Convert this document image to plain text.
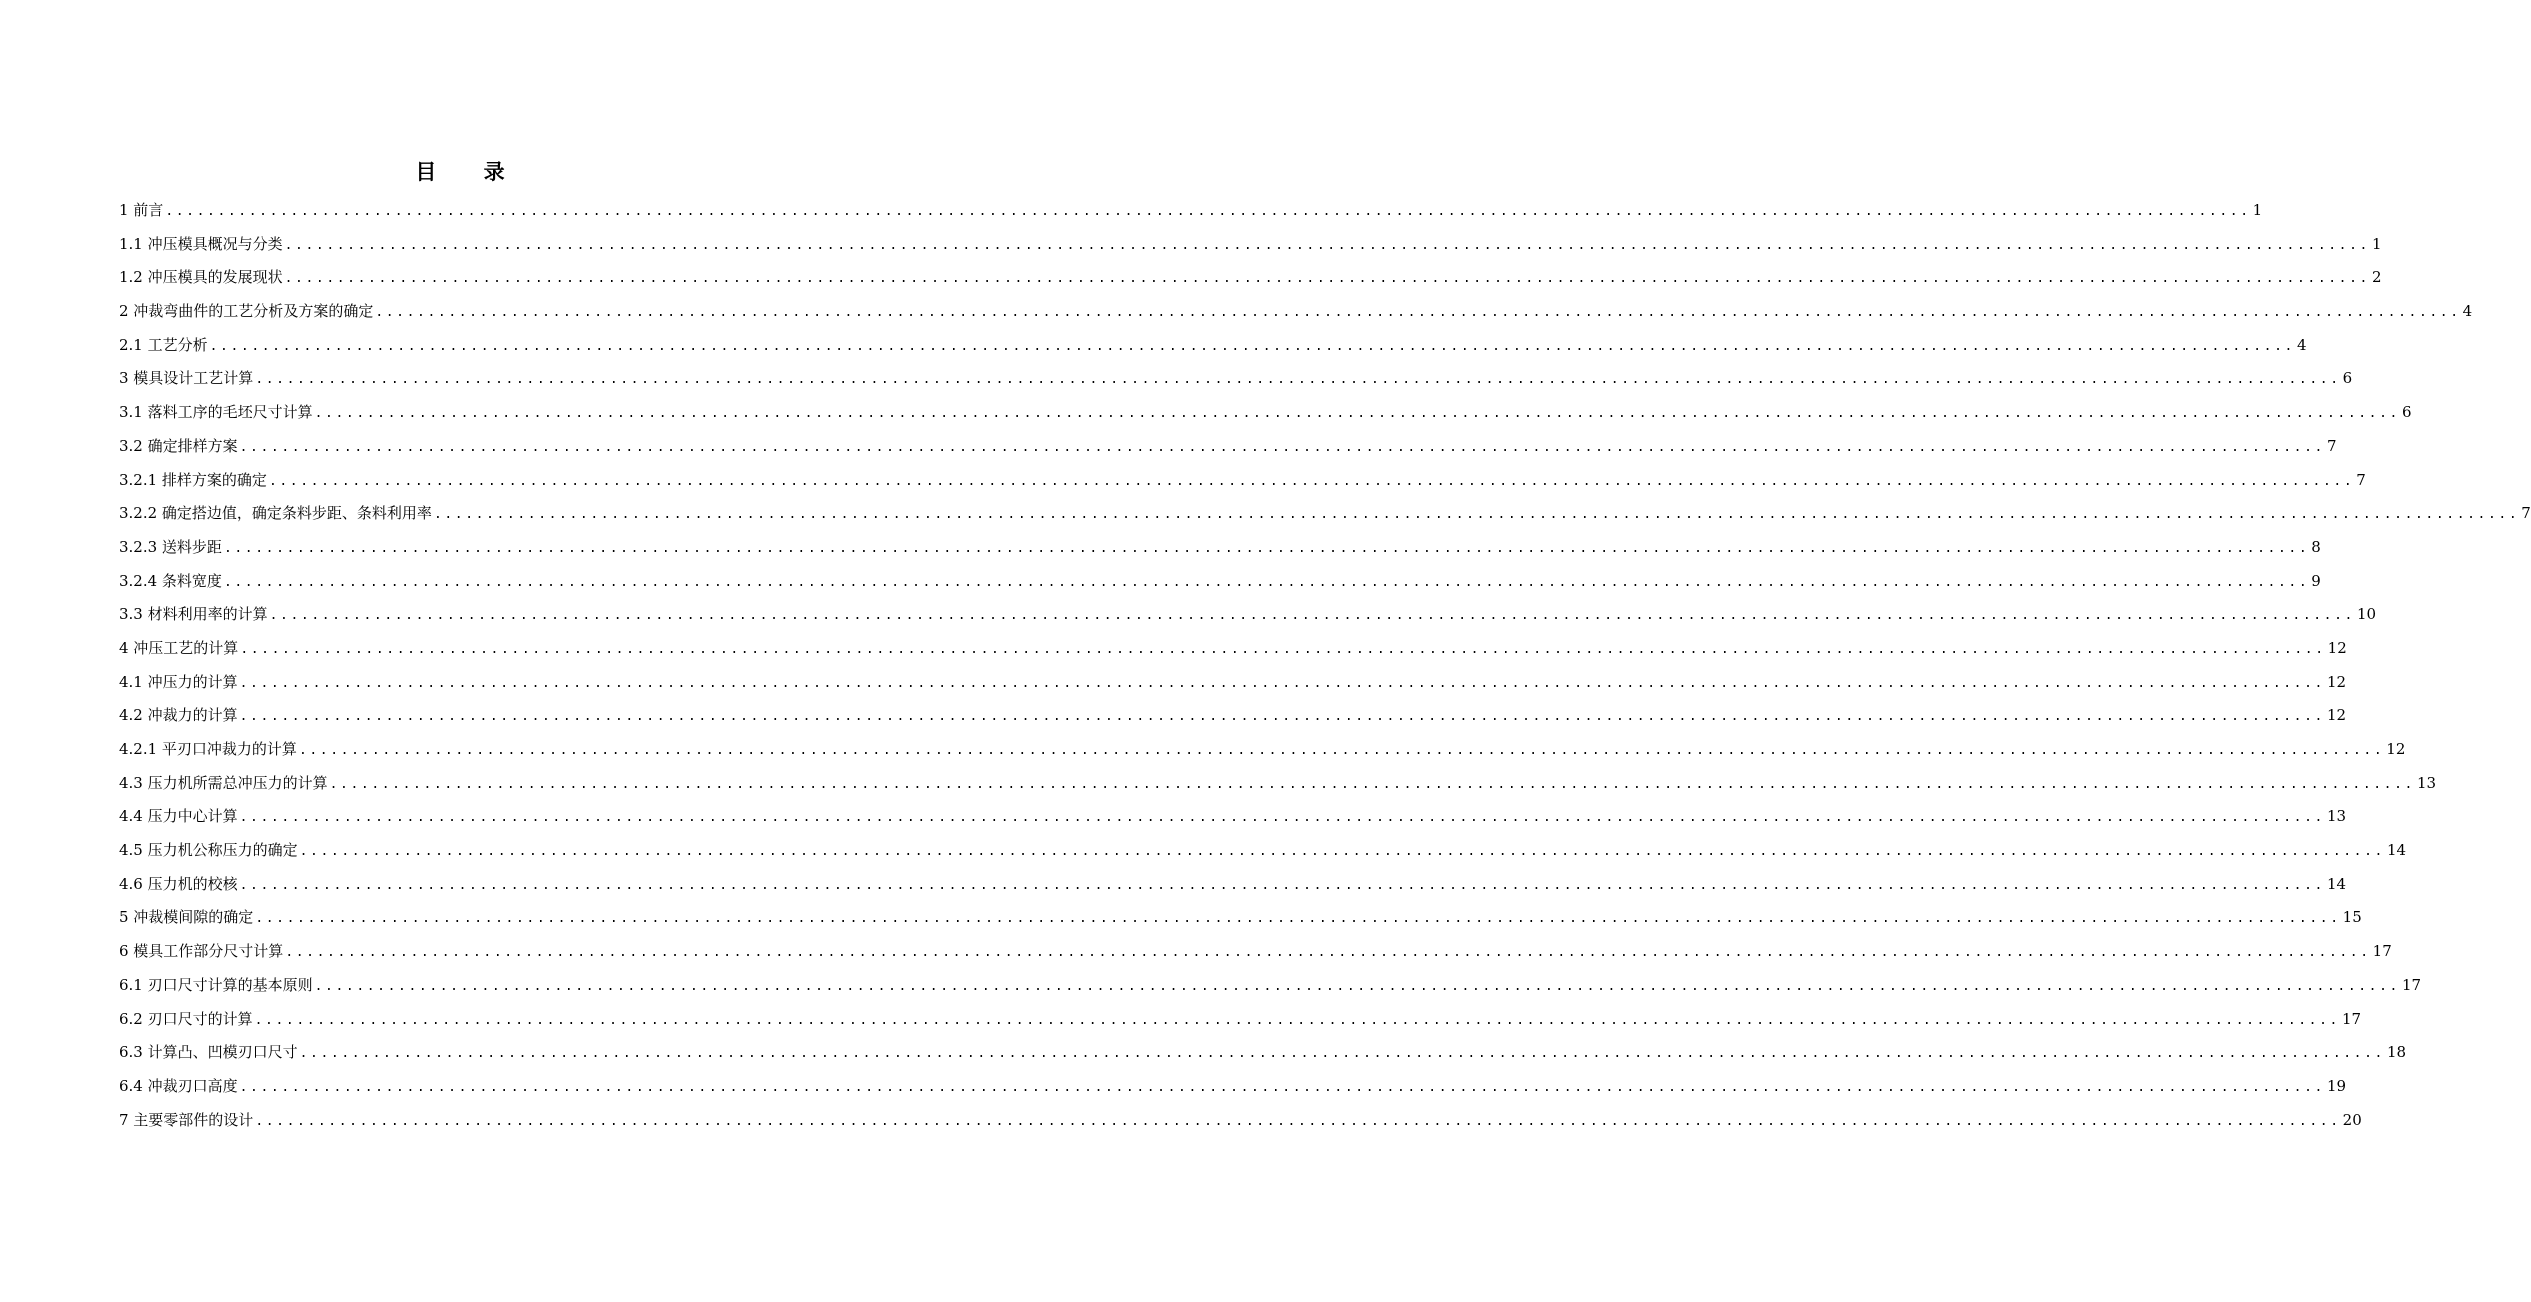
目 录
1 前言 ........................................................................................................................................................................................................ 1
1.1 冲压模具概况与分类 ........................................................................................................................................................................................................ 1
1.2 冲压模具的发展现状 ........................................................................................................................................................................................................ 2
2 冲裁弯曲件的工艺分析及方案的确定 ........................................................................................................................................................................................................ 4
2.1 工艺分析 ........................................................................................................................................................................................................ 4
3 模具设计工艺计算 ........................................................................................................................................................................................................ 6
3.1 落料工序的毛坯尺寸计算 ........................................................................................................................................................................................................ 6
3.2 确定排样方案 ........................................................................................................................................................................................................ 7
3.2.1 排样方案的确定 ........................................................................................................................................................................................................ 7
3.2.2 确定搭边值，确定条料步距、条料利用率 ........................................................................................................................................................................................................ 7
3.2.3 送料步距 ........................................................................................................................................................................................................ 8
3.2.4 条料宽度 ........................................................................................................................................................................................................ 9
3.3 材料利用率的计算 ........................................................................................................................................................................................................ 10
4 冲压工艺的计算 ........................................................................................................................................................................................................ 12
4.1 冲压力的计算 ........................................................................................................................................................................................................ 12
4.2 冲裁力的计算 ........................................................................................................................................................................................................ 12
4.2.1 平刃口冲裁力的计算 ........................................................................................................................................................................................................ 12
4.3 压力机所需总冲压力的计算 ........................................................................................................................................................................................................ 13
4.4 压力中心计算 ........................................................................................................................................................................................................ 13
4.5 压力机公称压力的确定 ........................................................................................................................................................................................................ 14
4.6 压力机的校核 ........................................................................................................................................................................................................ 14
5 冲裁模间隙的确定 ........................................................................................................................................................................................................ 15
6 模具工作部分尺寸计算 ........................................................................................................................................................................................................ 17
6.1 刃口尺寸计算的基本原则 ........................................................................................................................................................................................................ 17
6.2 刃口尺寸的计算 ........................................................................................................................................................................................................ 17
6.3 计算凸、凹模刃口尺寸 ........................................................................................................................................................................................................ 18
6.4 冲裁刃口高度 ........................................................................................................................................................................................................ 19
7 主要零部件的设计 ........................................................................................................................................................................................................ 20
